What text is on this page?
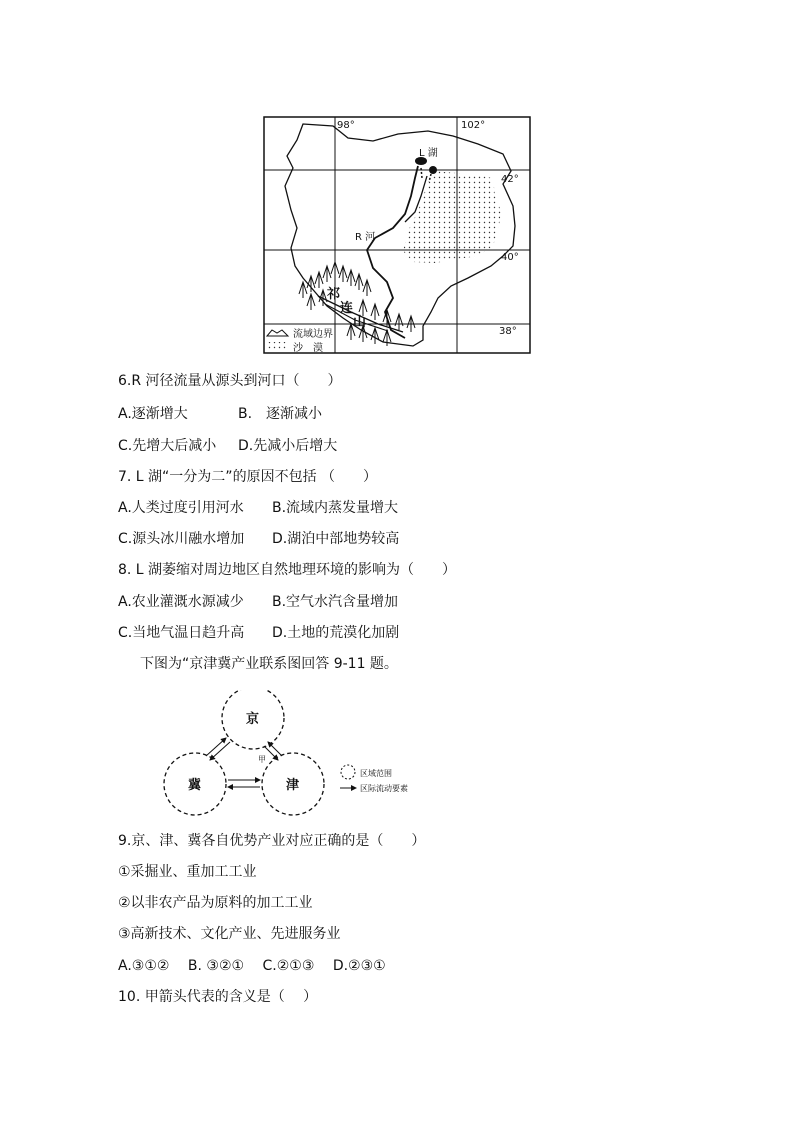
祁
连
山
98°	102°
42°
40°
38°
L 湖
R 河
流域边界
沙　漠
6.R 河径流量从源头到河口（　　）
A.逐渐增大	B.　逐渐减小
C.先增大后减小 D.先减小后增大
7. L 湖“一分为二”的原因不包括 （　　）
A.人类过度引用河水 B.流域内蒸发量增大
C.源头冰川融水增加 D.湖泊中部地势较高
8. L 湖萎缩对周边地区自然地理环境的影响为（　　）
A.农业灌溉水源减少 B.空气水汽含量增加
C.当地气温日趋升高 D.土地的荒漠化加剧
下图为“京津冀产业联系图回答 9-11 题。
京
冀	津
甲
区域范围
区际流动要素
9.京、津、冀各自优势产业对应正确的是（　　）
①采掘业、重加工工业
②以非农产品为原料的加工工业
③高新技术、文化产业、先进服务业
A.③①②　 B. ③②①　 C.②①③　 D.②③①
10. 甲箭头代表的含义是（　 ）
